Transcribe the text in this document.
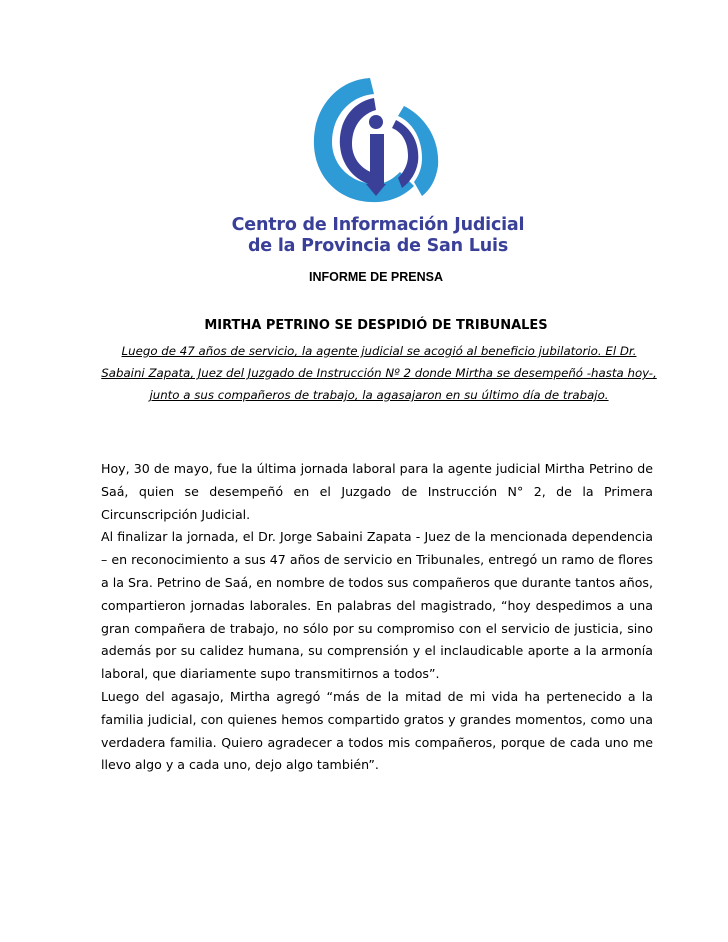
Centro de Información Judicial
de la Provincia de San Luis
INFORME DE PRENSA
MIRTHA PETRINO SE DESPIDIÓ DE TRIBUNALES

Luego de 47 años de servicio, la agente judicial se acogió al beneficio jubilatorio. El Dr. Sabaini Zapata, Juez del Juzgado de Instrucción Nº 2 donde Mirtha se desempeñó -hasta hoy-, junto a sus compañeros de trabajo, la agasajaron en su último día de trabajo.

Hoy, 30 de mayo, fue la última jornada laboral para la agente judicial Mirtha Petrino de Saá, quien se desempeñó en el Juzgado de Instrucción N° 2, de la Primera Circunscripción Judicial.

Al finalizar la jornada, el Dr. Jorge Sabaini Zapata - Juez de la mencionada dependencia – en reconocimiento a sus 47 años de servicio en Tribunales, entregó un ramo de flores a la Sra. Petrino de Saá, en nombre de todos sus compañeros que durante tantos años, compartieron jornadas laborales. En palabras del magistrado, “hoy despedimos a una gran compañera de trabajo, no sólo por su compromiso con el servicio de justicia, sino además por su calidez humana, su comprensión y el inclaudicable aporte a la armonía laboral, que diariamente supo transmitirnos a todos”.

Luego del agasajo, Mirtha agregó “más de la mitad de mi vida ha pertenecido a la familia judicial, con quienes hemos compartido gratos y grandes momentos, como una verdadera familia. Quiero agradecer a todos mis compañeros, porque de cada uno me llevo algo y a cada uno, dejo algo también”.
